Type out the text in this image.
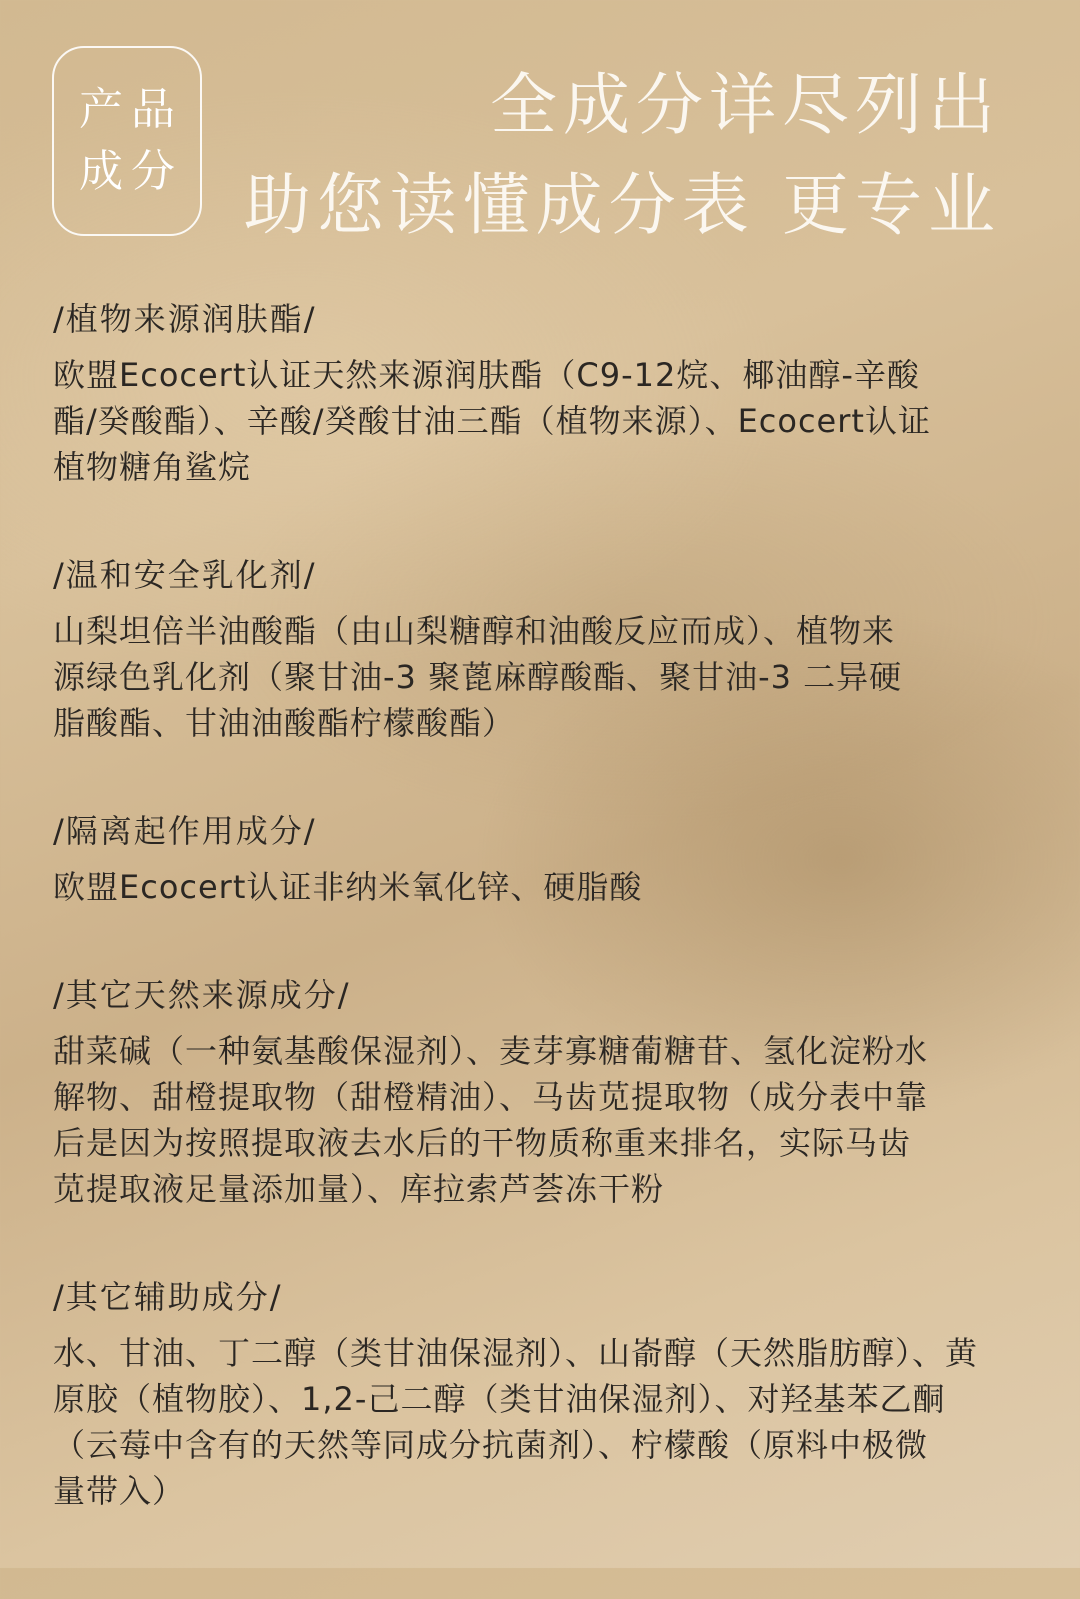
产品
成分
全成分详尽列出
助您读懂成分表 更专业
/植物来源润肤酯/
欧盟Ecocert认证天然来源润肤酯（C9-12烷、椰油醇-辛酸
酯/癸酸酯）、辛酸/癸酸甘油三酯（植物来源）、Ecocert认证
植物糖角鲨烷
/温和安全乳化剂/
山梨坦倍半油酸酯（由山梨糖醇和油酸反应而成）、植物来
源绿色乳化剂（聚甘油-3 聚蓖麻醇酸酯、聚甘油-3 二异硬
脂酸酯、甘油油酸酯柠檬酸酯）
/隔离起作用成分/
欧盟Ecocert认证非纳米氧化锌、硬脂酸
/其它天然来源成分/
甜菜碱（一种氨基酸保湿剂）、麦芽寡糖葡糖苷、氢化淀粉水
解物、甜橙提取物（甜橙精油）、马齿苋提取物（成分表中靠
后是因为按照提取液去水后的干物质称重来排名，实际马齿
苋提取液足量添加量）、库拉索芦荟冻干粉
/其它辅助成分/
水、甘油、丁二醇（类甘油保湿剂）、山嵛醇（天然脂肪醇）、黄
原胶（植物胶）、1,2-己二醇（类甘油保湿剂）、对羟基苯乙酮
（云莓中含有的天然等同成分抗菌剂）、柠檬酸（原料中极微
量带入）
